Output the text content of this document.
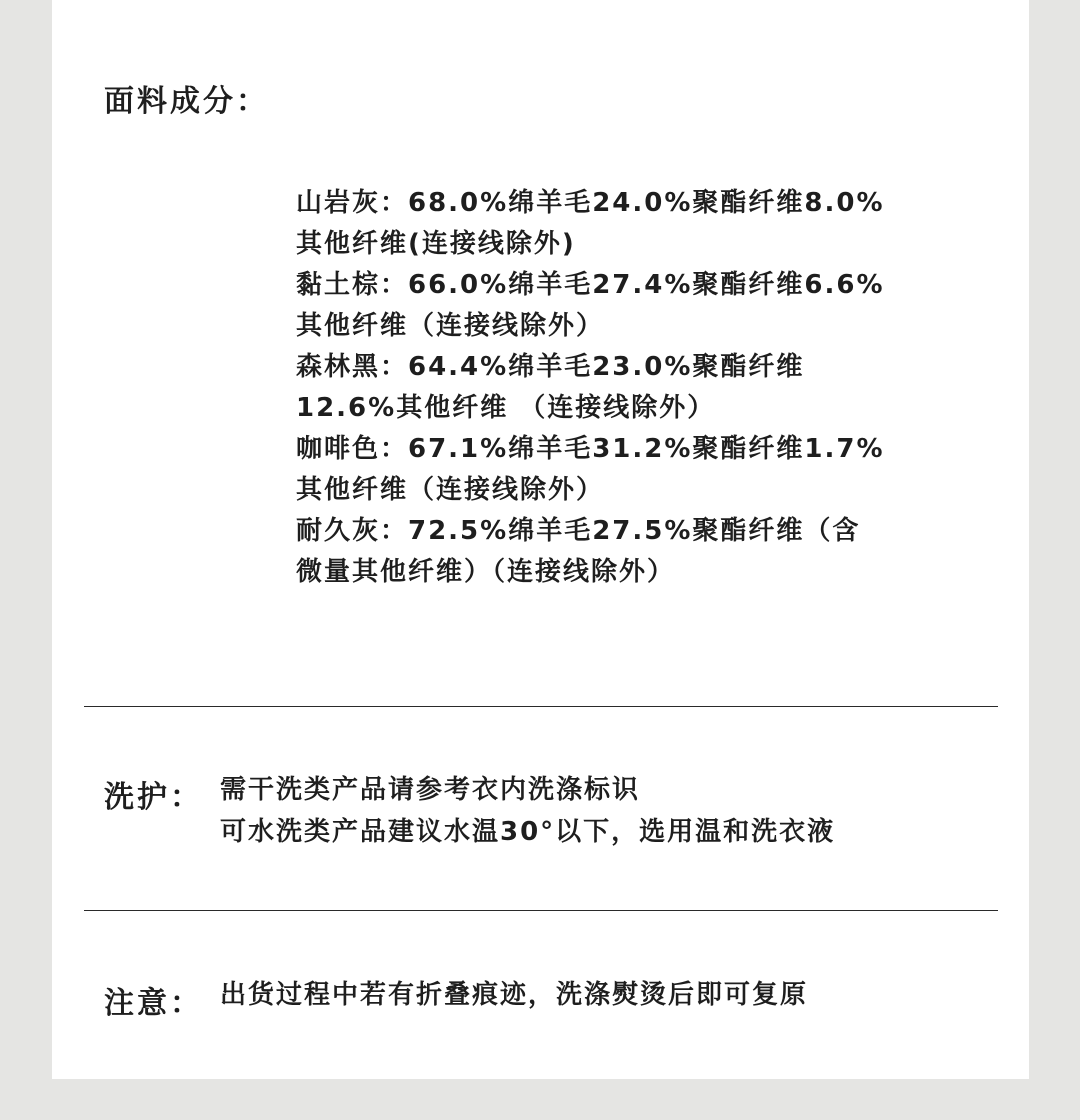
面料成分：
山岩灰：68.0%绵羊毛24.0%聚酯纤维8.0%
其他纤维(连接线除外)
黏土棕：66.0%绵羊毛27.4%聚酯纤维6.6%
其他纤维（连接线除外）
森林黑：64.4%绵羊毛23.0%聚酯纤维
12.6%其他纤维 （连接线除外）
咖啡色：67.1%绵羊毛31.2%聚酯纤维1.7%
其他纤维（连接线除外）
耐久灰：72.5%绵羊毛27.5%聚酯纤维（含
微量其他纤维）（连接线除外）
洗护： 需干洗类产品请参考衣内洗涤标识
可水洗类产品建议水温30°以下，选用温和洗衣液
注意： 出货过程中若有折叠痕迹，洗涤熨烫后即可复原
